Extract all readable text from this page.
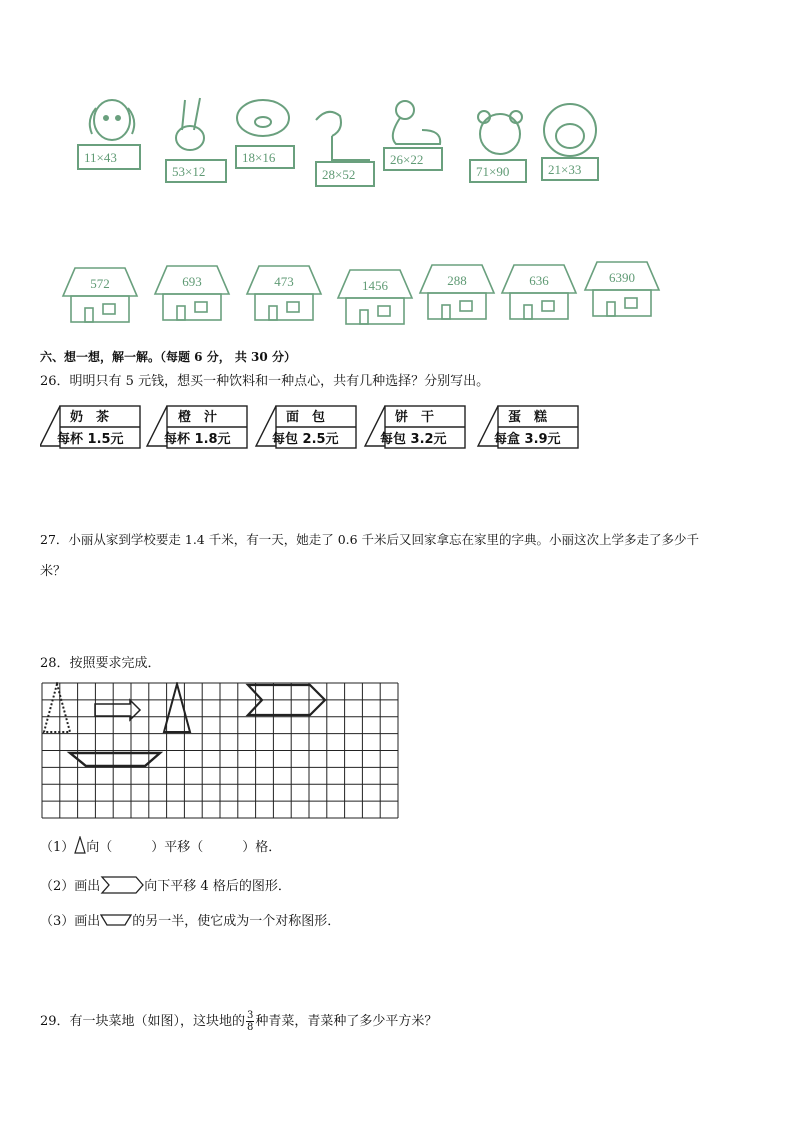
11×43
53×12
18×16
28×52
26×22
71×90	21×33
572	693	473	1456	288	636	6390
六、想一想，解一解。（每题 6 分， 共 30 分）
26．明明只有 5 元钱，想买一种饮料和一种点心，共有几种选择？分别写出。
奶　茶
每杯 1.5元
橙　汁
每杯 1.8元
面　包
每包 2.5元
饼　干
每包 3.2元
蛋　糕
每盒 3.9元
27．小丽从家到学校要走 1.4 千米，有一天，她走了 0.6 千米后又回家拿忘在家里的字典。小丽这次上学多走了多少千
米？
28．按照要求完成．
（1） 向（　　　）平移（　　　）格．
（2）画出	向下平移 4 格后的图形．
（3）画出 的另一半，使它成为一个对称图形．
29．有一块菜地（如图），这块地的 $\frac{3}{8}$ 种青菜，青菜种了多少平方米？
